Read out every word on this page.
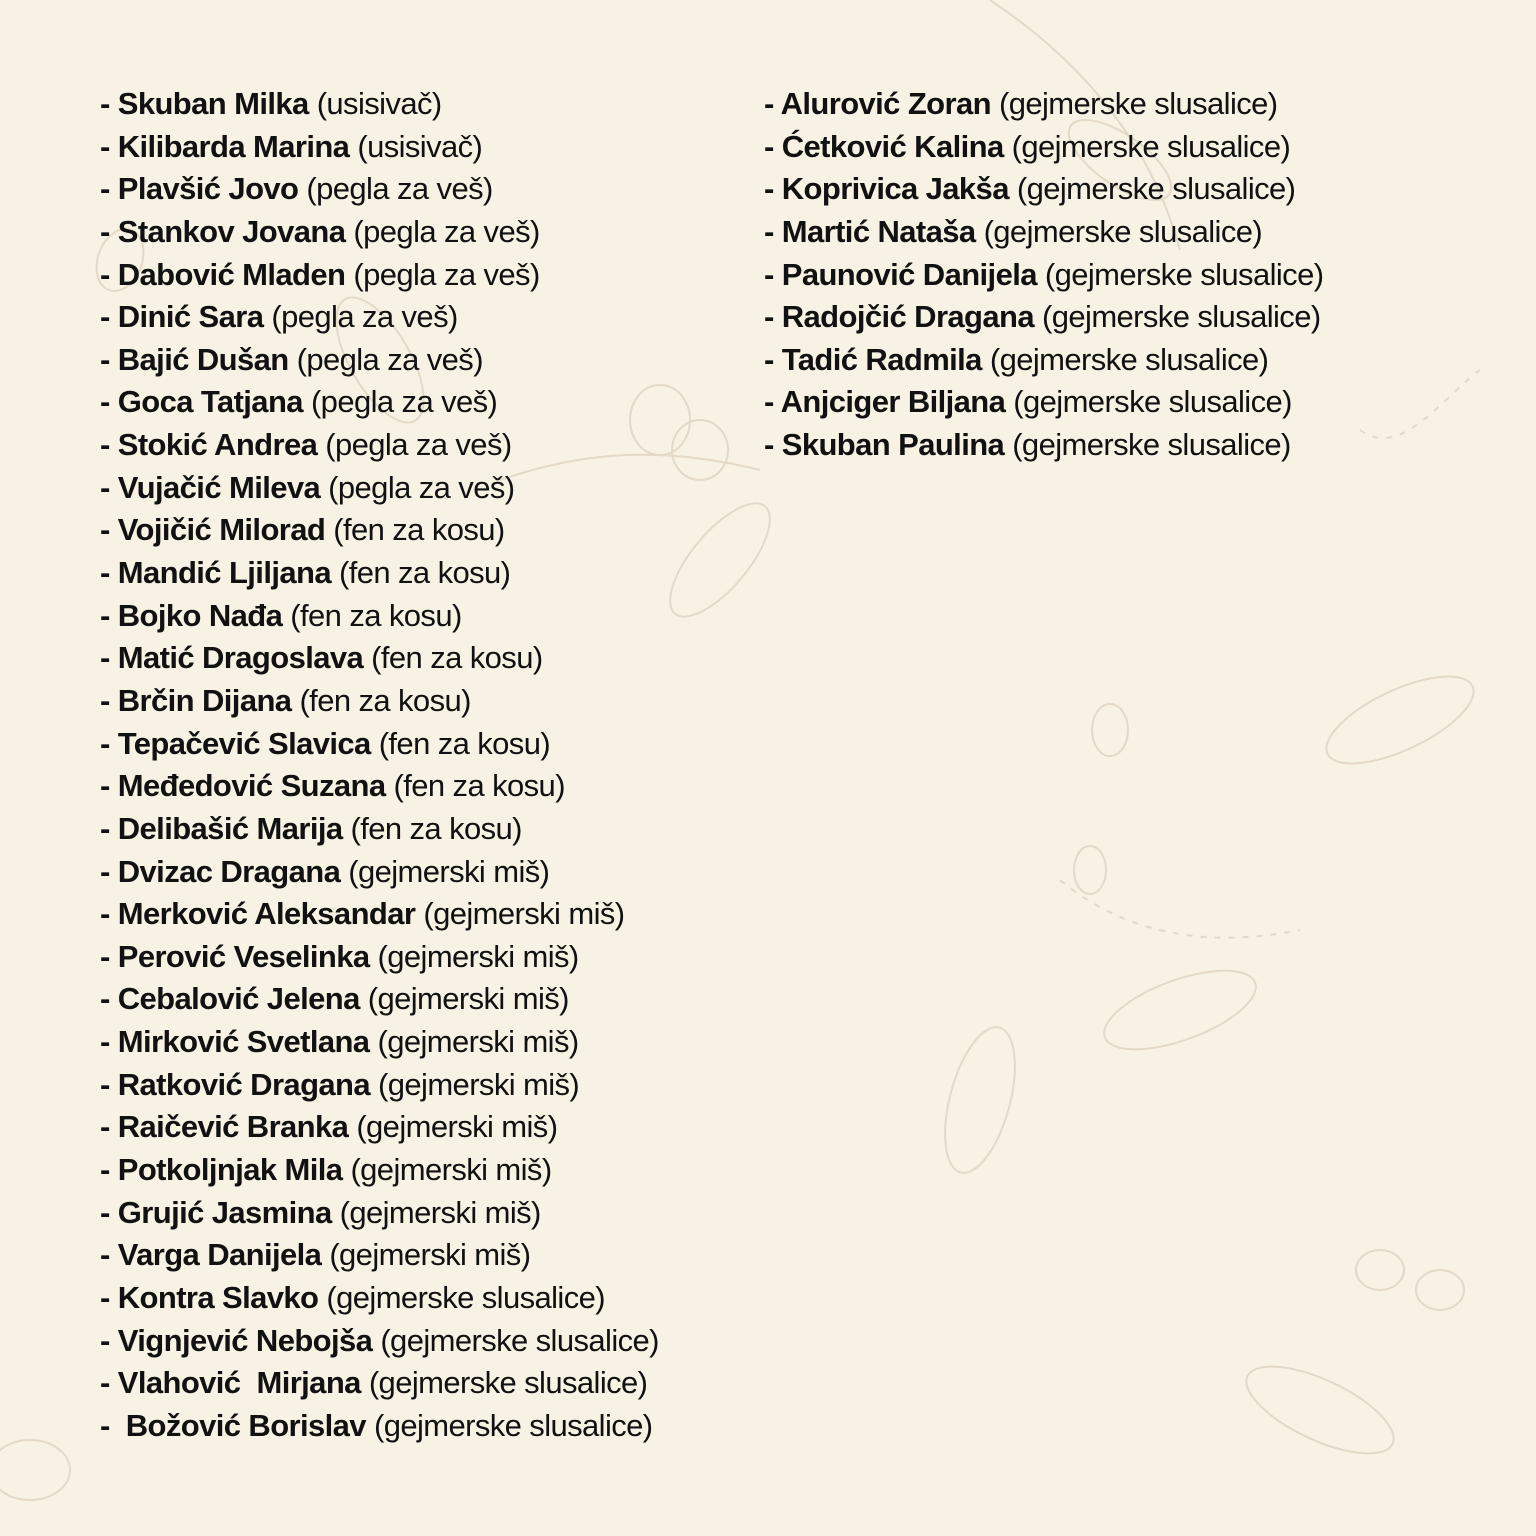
- Skuban Milka (usisivač)
- Kilibarda Marina (usisivač)
- Plavšić Jovo (pegla za veš)
- Stankov Jovana (pegla za veš)
- Dabović Mladen (pegla za veš)
- Dinić Sara (pegla za veš)
- Bajić Dušan (pegla za veš)
- Goca Tatjana (pegla za veš)
- Stokić Andrea (pegla za veš)
- Vujačić Mileva (pegla za veš)
- Vojičić Milorad (fen za kosu)
- Mandić Ljiljana (fen za kosu)
- Bojko Nađa (fen za kosu)
- Matić Dragoslava (fen za kosu)
- Brčin Dijana (fen za kosu)
- Tepačević Slavica (fen za kosu)
- Međedović Suzana (fen za kosu)
- Delibašić Marija (fen za kosu)
- Dvizac Dragana (gejmerski miš)
- Merković Aleksandar (gejmerski miš)
- Perović Veselinka (gejmerski miš)
- Cebalović Jelena (gejmerski miš)
- Mirković Svetlana (gejmerski miš)
- Ratković Dragana (gejmerski miš)
- Raičević Branka (gejmerski miš)
- Potkoljnjak Mila (gejmerski miš)
- Grujić Jasmina (gejmerski miš)
- Varga Danijela (gejmerski miš)
- Kontra Slavko (gejmerske slusalice)
- Vignjević Nebojša (gejmerske slusalice)
- Vlahović  Mirjana (gejmerske slusalice)
-  Božović Borislav (gejmerske slusalice)
- Alurović Zoran (gejmerske slusalice)
- Ćetković Kalina (gejmerske slusalice)
- Koprivica Jakša (gejmerske slusalice)
- Martić Nataša (gejmerske slusalice)
- Paunović Danijela (gejmerske slusalice)
- Radojčić Dragana (gejmerske slusalice)
- Tadić Radmila (gejmerske slusalice)
- Anjciger Biljana (gejmerske slusalice)
- Skuban Paulina (gejmerske slusalice)
